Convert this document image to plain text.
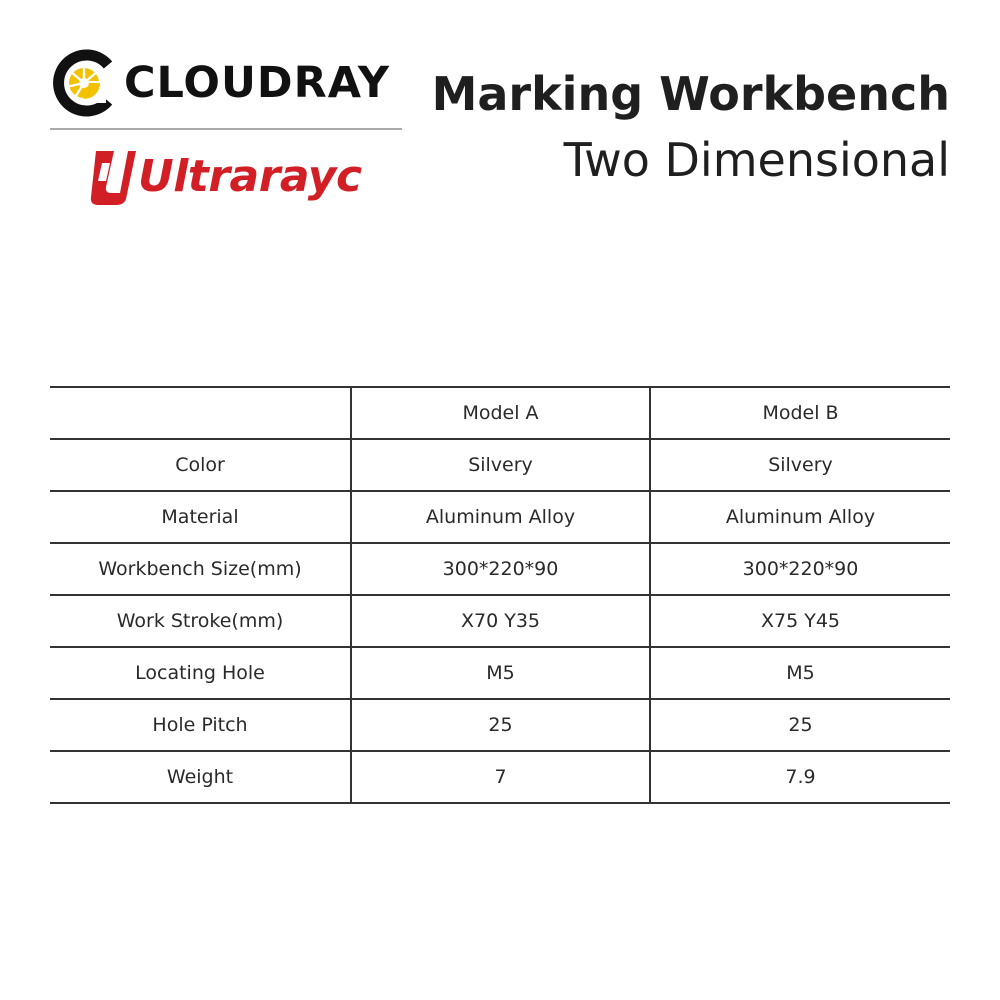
CLOUDRAY
Ultrarayc
Marking Workbench
Two Dimensional
	Model A	Model B
Color	Silvery	Silvery
Material	Aluminum Alloy	Aluminum Alloy
Workbench Size(mm)	300*220*90	300*220*90
Work Stroke(mm)	X70 Y35	X75 Y45
Locating Hole	M5	M5
Hole Pitch	25	25
Weight	7	7.9
